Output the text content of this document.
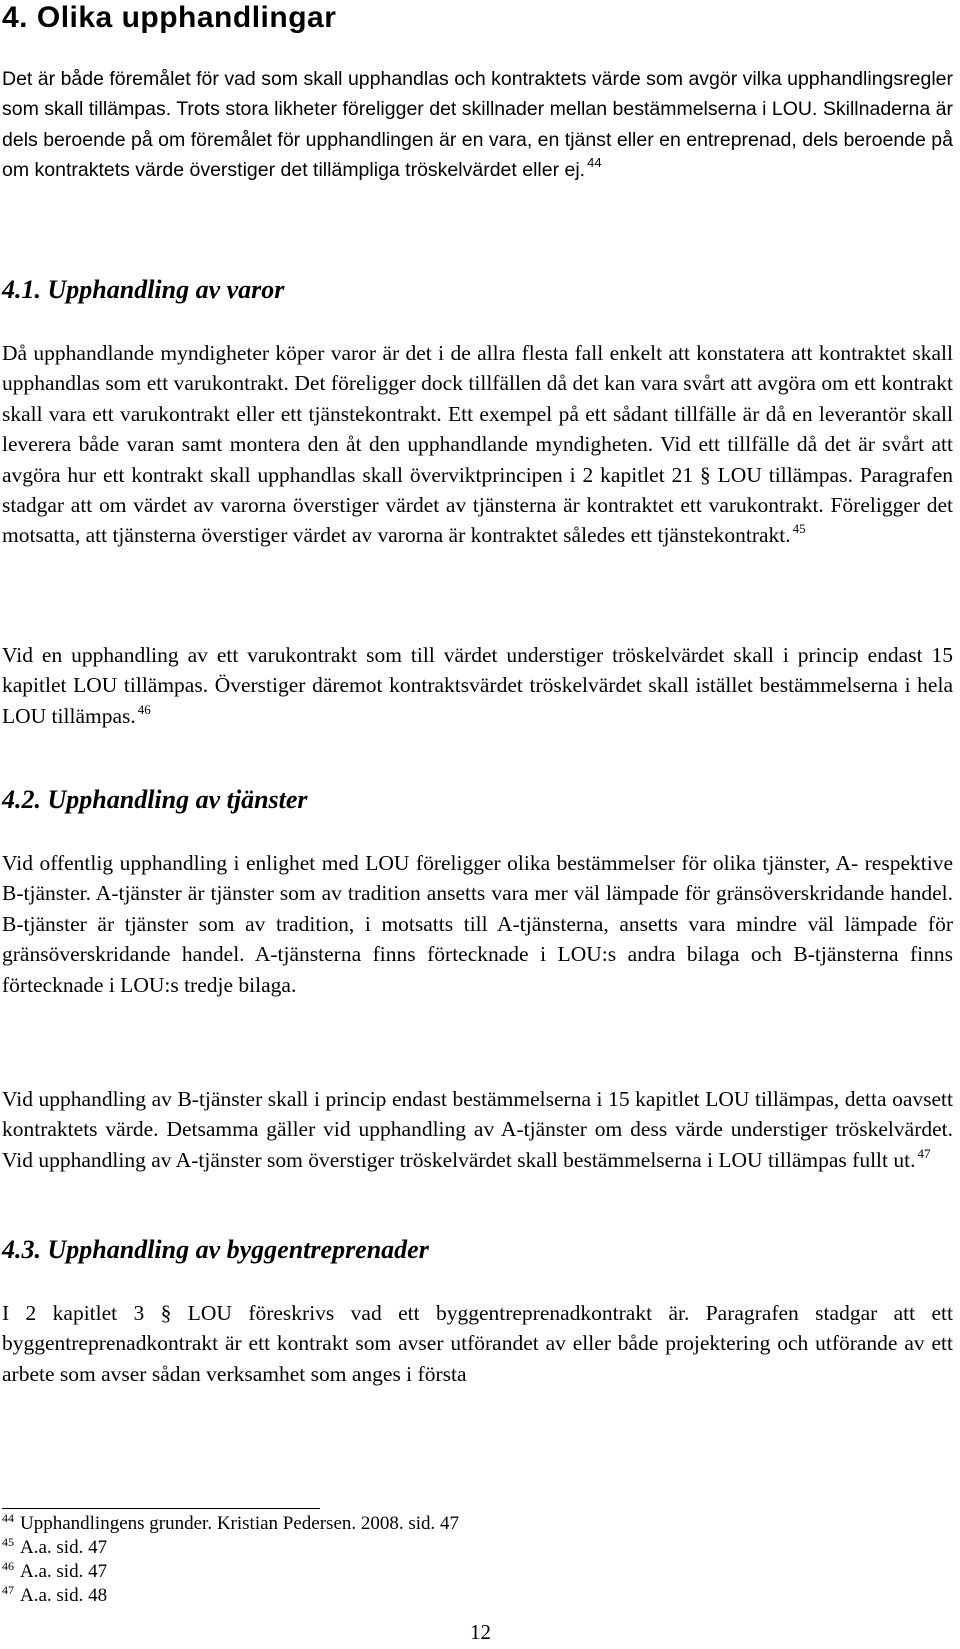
4. Olika upphandlingar

Det är både föremålet för vad som skall upphandlas och kontraktets värde som avgör vilka upphandlingsregler som skall tillämpas. Trots stora likheter föreligger det skillnader mellan bestämmelserna i LOU. Skillnaderna är dels beroende på om föremålet för upphandlingen är en vara, en tjänst eller en entreprenad, dels beroende på om kontraktets värde överstiger det tillämpliga tröskelvärdet eller ej. $^{44}$

4.1. Upphandling av varor

Då upphandlande myndigheter köper varor är det i de allra flesta fall enkelt att konstatera att kontraktet skall upphandlas som ett varukontrakt. Det föreligger dock tillfällen då det kan vara svårt att avgöra om ett kontrakt skall vara ett varukontrakt eller ett tjänstekontrakt. Ett exempel på ett sådant tillfälle är då en leverantör skall leverera både varan samt montera den åt den upphandlande myndigheten. Vid ett tillfälle då det är svårt att avgöra hur ett kontrakt skall upphandlas skall överviktprincipen i 2 kapitlet 21 § LOU tillämpas. Paragrafen stadgar att om värdet av varorna överstiger värdet av tjänsterna är kontraktet ett varukontrakt. Föreligger det motsatta, att tjänsterna överstiger värdet av varorna är kontraktet således ett tjänstekontrakt. $^{45}$

Vid en upphandling av ett varukontrakt som till värdet understiger tröskelvärdet skall i princip endast 15 kapitlet LOU tillämpas. Överstiger däremot kontraktsvärdet tröskelvärdet skall istället bestämmelserna i hela LOU tillämpas. $^{46}$

4.2. Upphandling av tjänster

Vid offentlig upphandling i enlighet med LOU föreligger olika bestämmelser för olika tjänster, A- respektive B-tjänster. A-tjänster är tjänster som av tradition ansetts vara mer väl lämpade för gränsöverskridande handel. B-tjänster är tjänster som av tradition, i motsatts till A-tjänsterna, ansetts vara mindre väl lämpade för gränsöverskridande handel. A-tjänsterna finns förtecknade i LOU:s andra bilaga och B-tjänsterna finns förtecknade i LOU:s tredje bilaga.

Vid upphandling av B-tjänster skall i princip endast bestämmelserna i 15 kapitlet LOU tillämpas, detta oavsett kontraktets värde. Detsamma gäller vid upphandling av A-tjänster om dess värde understiger tröskelvärdet. Vid upphandling av A-tjänster som överstiger tröskelvärdet skall bestämmelserna i LOU tillämpas fullt ut. $^{47}$

4.3. Upphandling av byggentreprenader

I 2 kapitlet 3 § LOU föreskrivs vad ett byggentreprenadkontrakt är. Paragrafen stadgar att ett byggentreprenadkontrakt är ett kontrakt som avser utförandet av eller både projektering och utförande av ett arbete som avser sådan verksamhet som anges i första

$^{44}$ Upphandlingens grunder. Kristian Pedersen. 2008. sid. 47

$^{45}$ A.a. sid. 47

$^{46}$ A.a. sid. 47

$^{47}$ A.a. sid. 48

12
